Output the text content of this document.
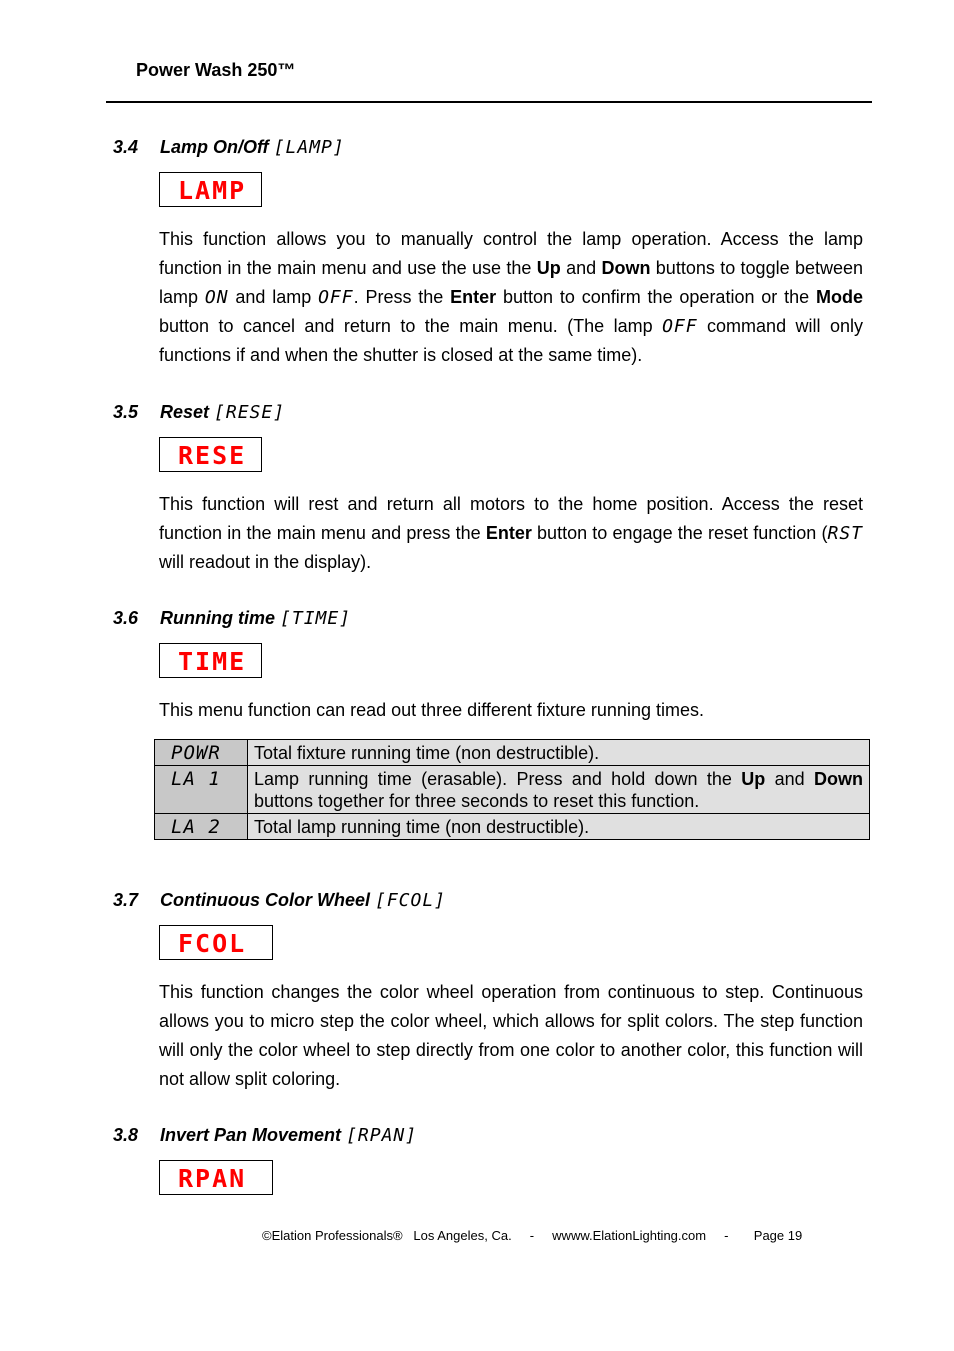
Power Wash 250™
3.4 Lamp On/Off [LAMP]
LAMP
This function allows you to manually control the lamp operation. Access the lamp function in the main menu and use the use the Up and Down buttons to toggle between lamp ON and lamp OFF. Press the Enter button to confirm the operation or the Mode button to cancel and return to the main menu. (The lamp OFF command will only functions if and when the shutter is closed at the same time).
3.5 Reset [RESE]
RESE
This function will rest and return all motors to the home position. Access the reset function in the main menu and press the Enter button to engage the reset function (RST will readout in the display).
3.6 Running time [TIME]
TIME
This menu function can read out three different fixture running times.
POWR	Total fixture running time (non destructible).
LA 1	Lamp running time (erasable). Press and hold down the Up and Down buttons together for three seconds to reset this function.
LA 2	Total lamp running time (non destructible).
3.7 Continuous Color Wheel [FCOL]
FCOL
This function changes the color wheel operation from continuous to step. Continuous allows you to micro step the color wheel, which allows for split colors. The step function will only the color wheel to step directly from one color to another color, this function will not allow split coloring.
3.8 Invert Pan Movement [RPAN]
RPAN
©Elation Professionals® Los Angeles, Ca. - wwww.ElationLighting.com - Page 19
